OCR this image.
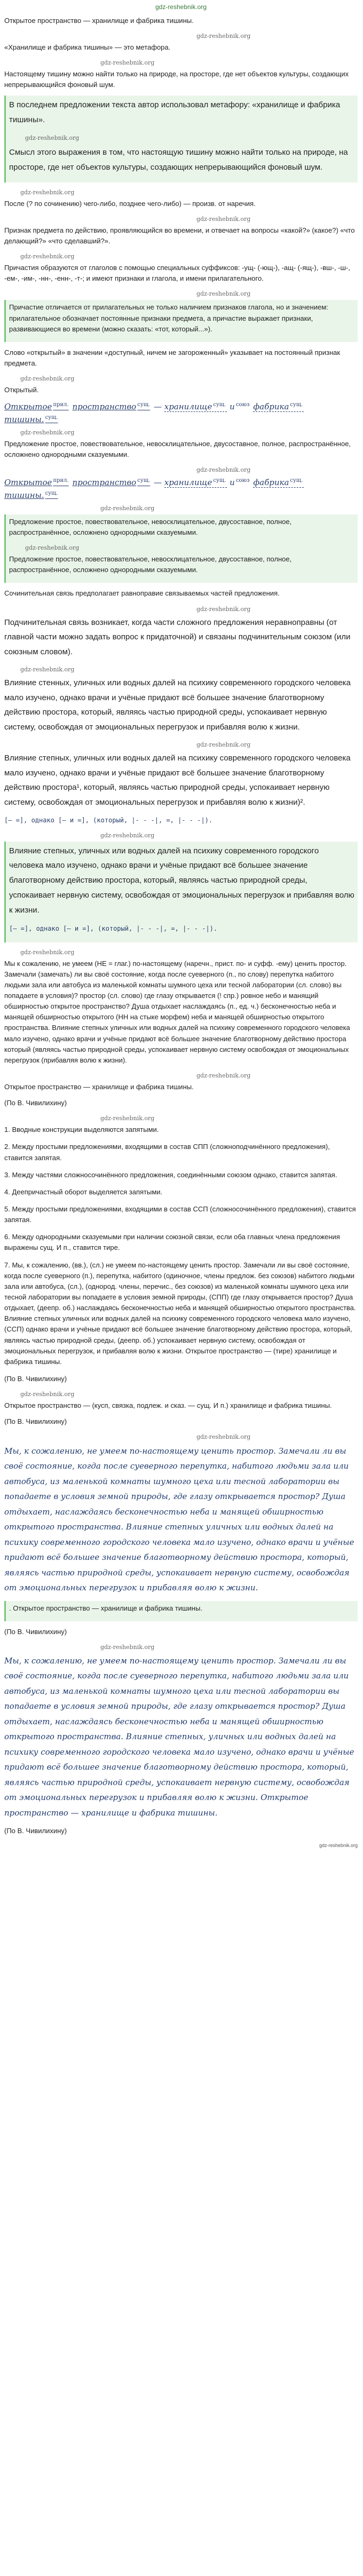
gdz-reshebnik.org

Открытое пространство — хранилище и фабрика тишины.

gdz-reshebnik.org

«Хранилище и фабрика тишины» — это метафора.

gdz-reshebnik.org

Настоящему тишину можно найти только на природе, на просторе, где нет объектов культуры, создающих непрерывающийся фоновый шум.

В последнем предложении текста автор использовал метафору: «хранилище и фабрика тишины».

gdz-reshebnik.org

Смысл этого выражения в том, что настоящую тишину можно найти только на природе, на просторе, где нет объектов культуры, создающих непрерывающийся фоновый шум.

gdz-reshebnik.org

После (? по сочинению) чего-либо, позднее чего-либо) — произв. от наречия.

gdz-reshebnik.org

Признак предмета по действию, проявляющийся во времени, и отвечает на вопросы «какой?» (какое?) «что делающий?» «что сделавший?».

gdz-reshebnik.org

Причастия образуются от глаголов с помощью специальных суффиксов: -ущ- (-ющ-), -ащ- (-ящ-), -вш-, -ш-, -ем-, -им-, -нн-, -енн-, -т-; и имеют признаки и глагола, и имени прилагательного.

gdz-reshebnik.org

Причастие отличается от прилагательных не только наличием признаков глагола, но и значением: прилагательное обозначает постоянные признаки предмета, а причастие выражает признаки, развивающиеся во времени (можно сказать: «тот, который...»).

Слово «открытый» в значении «доступный, ничем не загороженный» указывает на постоянный признак предмета.

gdz-reshebnik.org

Открытый.

Открытое $^{прил.}$ пространство $^{сущ.}$ — хранилище $^{сущ.}$ и $^{союз}$ фабрика $^{сущ.}$ тишины. $^{сущ.}$
gdz-reshebnik.org

Предложение простое, повествовательное, невосклицательное, двусоставное, полное, распространённое, осложнено однородными сказуемыми.

gdz-reshebnik.org
Открытое $^{прил.}$ пространство $^{сущ.}$ — хранилище $^{сущ.}$ и $^{союз}$ фабрика $^{сущ.}$ тишины. $^{сущ.}$
gdz-reshebnik.org

Предложение простое, повествовательное, невосклицательное, двусоставное, полное, распространённое, осложнено однородными сказуемыми.

gdz-reshebnik.org

Предложение простое, повествовательное, невосклицательное, двусоставное, полное, распространённое, осложнено однородными сказуемыми.

Сочинительная связь предполагает равноправие связываемых частей предложения.

gdz-reshebnik.org

Подчинительная связь возникает, когда части сложного предложения неравноправны (от главной части можно задать вопрос к придаточной) и связаны подчинительным союзом (или союзным словом).

gdz-reshebnik.org

Влияние стенных, уличных или водных далей на психику современного городского человека мало изучено, однако врачи и учёные придают всё большее значение благотворному действию простора, который, являясь частью природной среды, успокаивает нервную систему, освобождая от эмоциональных перегрузок и прибавляя волю к жизни.

gdz-reshebnik.org

Влияние степных, уличных или водных далей на психику современного городского человека мало изучено, однако врачи и учёные придают всё большее значение благотворному действию простора¹, который, являясь частью природной среды, успокаивает нервную систему, освобождая от эмоциональных перегрузок и прибавляя волю к жизни)².

[— =], однако [— и =], (который, |- - -|, =, |- - -|).

gdz-reshebnik.org

Влияние степных, уличных или водных далей на психику современного городского человека мало изучено, однако врачи и учёные придают всё большее значение благотворному действию простора, который, являясь частью природной среды, успокаивает нервную систему, освобождая от эмоциональных перегрузок и прибавляя волю к жизни.

[— =], однако [— и =], (который, |- - -|, =, |- - -|).

gdz-reshebnik.org

Мы к сожалению, не умеем (НЕ = глаг.) по-настоящему (наречн., прист. по- и суфф. -ему) ценить простор. Замечали (замечать) ли вы своё состояние, когда после суеверного (п., по слову) перепутка набитого людьми зала или автобуса из маленькой комнаты шумного цеха или тесной лаборатории (сл. слово) вы попадаете в условия)? простор (сл. слово) где глазу открывается (! спр.) ровное небо и манящий обширностью открытое пространство? Душа отдыхает наслаждаясь (п., ед. ч.) бесконечностью неба и манящей обширностью открытого (НН на стыке морфем) неба и манящей обширностью открытого пространства. Влияние степных уличных или водных далей на психику современного городского человека мало изучено, однако врачи и учёные придают всё большее значение благотворному действию простора который (являясь частью природной среды, успокаивает нервную систему освобождая от эмоциональных перегрузок (прибавляя волю к жизни).

gdz-reshebnik.org

Открытое пространство — хранилище и фабрика тишины.

(По В. Чивилихину)

gdz-reshebnik.org
1. Вводные конструкции выделяются запятыми.
2. Между простыми предложениями, входящими в состав СПП (сложноподчинённого предложения), ставится запятая.
3. Между частями сложносочинённого предложения, соединёнными союзом однако, ставится запятая.
4. Деепричастный оборот выделяется запятыми.
5. Между простыми предложениями, входящими в состав ССП (сложносочинённого предложения), ставится запятая.
6. Между однородными сказуемыми при наличии союзной связи, если оба главных члена предложения выражены сущ. И п., ставится тире.
7. Мы, к сожалению, (вв.), (сл.) не умеем по-настоящему ценить простор. Замечали ли вы своё состояние, когда после суеверного (п.), перепутка, набитого (одиночное, члены предлож. без союзов) набитого людьми зала или автобуса, (сл.), (однород. члены, перечис., без союзов) из маленькой комнаты шумного цеха или тесной лаборатории вы попадаете в условия земной природы, (СПП) где глазу открывается простор? Душа отдыхает, (деепр. об.) наслаждаясь бесконечностью неба и манящей обширностью открытого пространства. Влияние степных уличных или водных далей на психику современного городского человека мало изучено, (ССП) однако врачи и учёные придают всё большее значение благотворному действию простора, который, являясь частью природной среды, (деепр. об.) успокаивает нервную систему, освобождая от эмоциональных перегрузок, и прибавляя волю к жизни. Открытое пространство — (тире) хранилище и фабрика тишины.

(По В. Чивилихину)

gdz-reshebnik.org

Открытое пространство — (кусп, связка, подлеж. и сказ. — сущ. И п.) хранилище и фабрика тишины.

(По В. Чивилихину)

gdz-reshebnik.org

Мы, к сожалению, не умеем по-настоящему ценить простор. Замечали ли вы своё состояние, когда после суеверного перепутка, набитого людьми зала или автобуса, из маленькой комнаты шумного цеха или тесной лаборатории вы попадаете в условия земной природы, где глазу открывается простор? Душа отдыхает, наслаждаясь бесконечностью неба и манящей обширностью открытого пространства. Влияние степных уличных или водных далей на психику современного городского человека мало изучено, однако врачи и учёные придают всё большее значение благотворному действию простора, который, являясь частью природной среды, успокаивает нервную систему, освобождая от эмоциональных перегрузок и прибавляя волю к жизни.

. Открытое пространство — хранилище и фабрика тишины.

(По В. Чивилихину)

gdz-reshebnik.org

Мы, к сожалению, не умеем по-настоящему ценить простор. Замечали ли вы своё состояние, когда после суеверного перепутка, набитого людьми зала или автобуса, из маленькой комнаты шумного цеха или тесной лаборатории вы попадаете в условия земной природы, где глазу открывается простор? Душа отдыхает, наслаждаясь бесконечностью неба и манящей обширностью открытого пространства. Влияние степных, уличных или водных далей на психику современного городского человека мало изучено, однако врачи и учёные придают всё большее значение благотворному действию простора, который, являясь частью природной среды, успокаивает нервную систему, освобождая от эмоциональных перегрузок и прибавляя волю к жизни. Открытое пространство — хранилище и фабрика тишины.

(По В. Чивилихину)

gdz-reshebnik.org
